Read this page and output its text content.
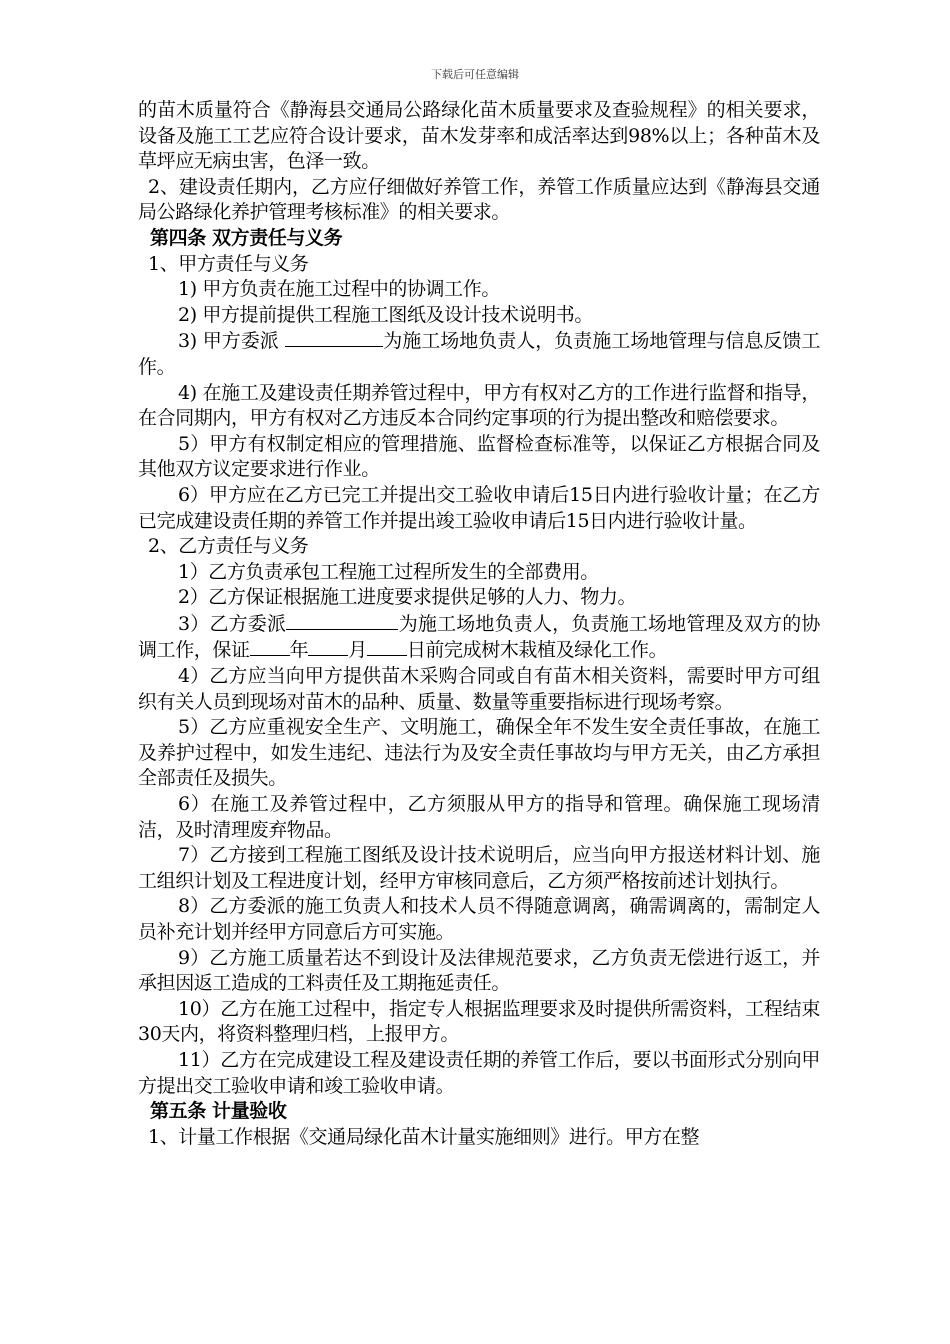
下载后可任意编辑

的苗木质量符合《静海县交通局公路绿化苗木质量要求及查验规程》的相关要求，设备及施工工艺应符合设计要求，苗木发芽率和成活率达到98%以上；各种苗木及草坪应无病虫害，色泽一致。

2、建设责任期内，乙方应仔细做好养管工作，养管工作质量应达到《静海县交通局公路绿化养护管理考核标准》的相关要求。

第四条 双方责任与义务

1、甲方责任与义务

1) 甲方负责在施工过程中的协调工作。

2) 甲方提前提供工程施工图纸及设计技术说明书。

3) 甲方委派	为施工场地负责人，负责施工场地管理与信息反馈工作。

4) 在施工及建设责任期养管过程中，甲方有权对乙方的工作进行监督和指导，在合同期内，甲方有权对乙方违反本合同约定事项的行为提出整改和赔偿要求。

5）甲方有权制定相应的管理措施、监督检查标准等，以保证乙方根据合同及其他双方议定要求进行作业。

6）甲方应在乙方已完工并提出交工验收申请后15日内进行验收计量；在乙方已完成建设责任期的养管工作并提出竣工验收申请后15日内进行验收计量。

2、乙方责任与义务

1）乙方负责承包工程施工过程所发生的全部费用。

2）乙方保证根据施工进度要求提供足够的人力、物力。

3）乙方委派	为施工场地负责人，负责施工场地管理及双方的协调工作，保证 年 月 日前完成树木栽植及绿化工作。

4）乙方应当向甲方提供苗木采购合同或自有苗木相关资料，需要时甲方可组织有关人员到现场对苗木的品种、质量、数量等重要指标进行现场考察。

5）乙方应重视安全生产、文明施工，确保全年不发生安全责任事故，在施工及养护过程中，如发生违纪、违法行为及安全责任事故均与甲方无关，由乙方承担全部责任及损失。

6）在施工及养管过程中，乙方须服从甲方的指导和管理。确保施工现场清洁，及时清理废弃物品。

7）乙方接到工程施工图纸及设计技术说明后，应当向甲方报送材料计划、施工组织计划及工程进度计划，经甲方审核同意后，乙方须严格按前述计划执行。

8）乙方委派的施工负责人和技术人员不得随意调离，确需调离的，需制定人员补充计划并经甲方同意后方可实施。

9）乙方施工质量若达不到设计及法律规范要求，乙方负责无偿进行返工，并承担因返工造成的工料责任及工期拖延责任。

10）乙方在施工过程中，指定专人根据监理要求及时提供所需资料，工程结束30天内，将资料整理归档，上报甲方。

11）乙方在完成建设工程及建设责任期的养管工作后，要以书面形式分别向甲方提出交工验收申请和竣工验收申请。

第五条 计量验收

1、计量工作根据《交通局绿化苗木计量实施细则》进行。甲方在整
